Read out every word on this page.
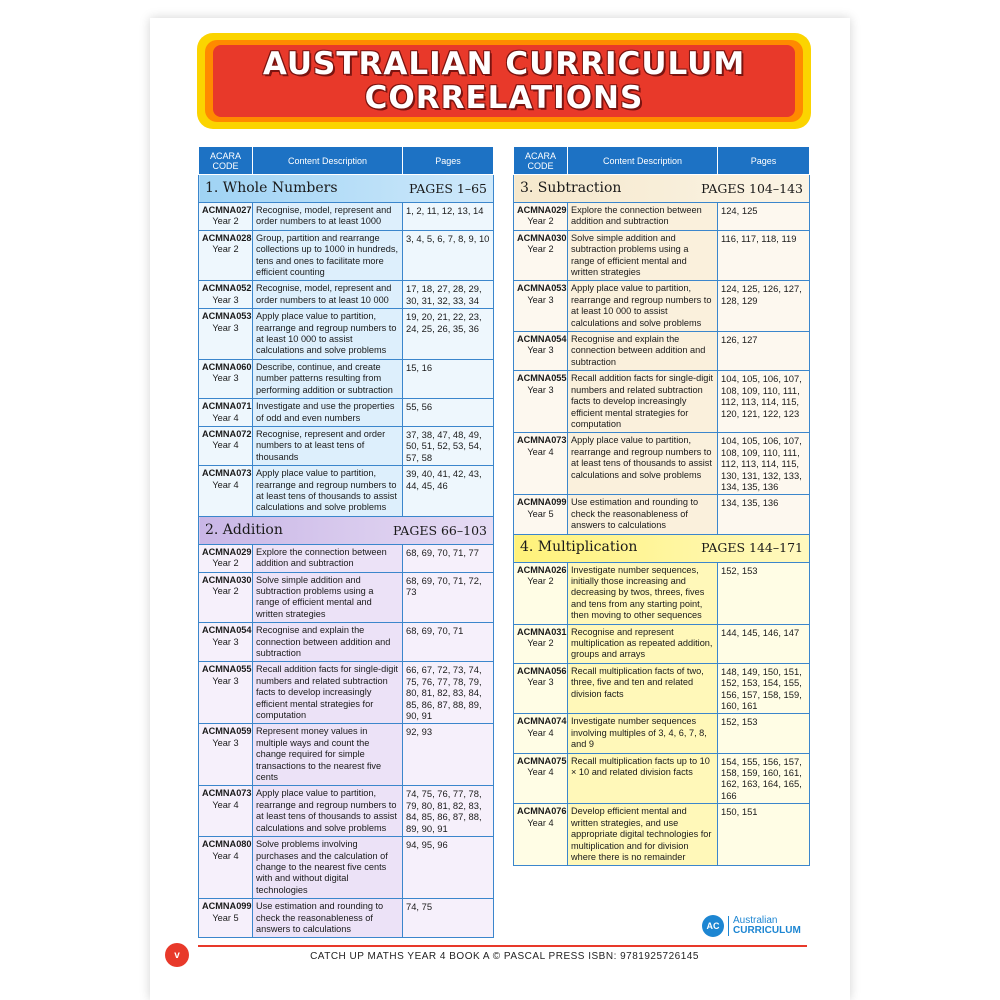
AUSTRALIAN CURRICULUM
CORRELATIONS
ACARA CODE	Content Description	Pages

1. Whole Numbers PAGES 1–65		

ACMNA027
Year 2	Recognise, model, represent and order numbers to at least 1000	1, 2, 11, 12, 13, 14
ACMNA028
Year 2	Group, partition and rearrange collections up to 1000 in hundreds, tens and ones to facilitate more efficient counting	3, 4, 5, 6, 7, 8, 9, 10
ACMNA052
Year 3	Recognise, model, represent and order numbers to at least 10 000	17, 18, 27, 28, 29, 30, 31, 32, 33, 34
ACMNA053
Year 3	Apply place value to partition, rearrange and regroup numbers to at least 10 000 to assist calculations and solve problems	19, 20, 21, 22, 23, 24, 25, 26, 35, 36
ACMNA060
Year 3	Describe, continue, and create number patterns resulting from performing addition or subtraction	15, 16
ACMNA071
Year 4	Investigate and use the properties of odd and even numbers	55, 56
ACMNA072
Year 4	Recognise, represent and order numbers to at least tens of thousands	37, 38, 47, 48, 49, 50, 51, 52, 53, 54, 57, 58
ACMNA073
Year 4	Apply place value to partition, rearrange and regroup numbers to at least tens of thousands to assist calculations and solve problems	39, 40, 41, 42, 43, 44, 45, 46

2. Addition PAGES 66–103		

ACMNA029
Year 2	Explore the connection between addition and subtraction	68, 69, 70, 71, 77
ACMNA030
Year 2	Solve simple addition and subtraction problems using a range of efficient mental and written strategies	68, 69, 70, 71, 72, 73
ACMNA054
Year 3	Recognise and explain the connection between addition and subtraction	68, 69, 70, 71
ACMNA055
Year 3	Recall addition facts for single-digit numbers and related subtraction facts to develop increasingly efficient mental strategies for computation	66, 67, 72, 73, 74, 75, 76, 77, 78, 79, 80, 81, 82, 83, 84, 85, 86, 87, 88, 89, 90, 91
ACMNA059
Year 3	Represent money values in multiple ways and count the change required for simple transactions to the nearest five cents	92, 93
ACMNA073
Year 4	Apply place value to partition, rearrange and regroup numbers to at least tens of thousands to assist calculations and solve problems	74, 75, 76, 77, 78, 79, 80, 81, 82, 83, 84, 85, 86, 87, 88, 89, 90, 91
ACMNA080
Year 4	Solve problems involving purchases and the calculation of change to the nearest five cents with and without digital technologies	94, 95, 96
ACMNA099
Year 5	Use estimation and rounding to check the reasonableness of answers to calculations	74, 75
ACARA CODE	Content Description	Pages

3. Subtraction PAGES 104–143		

ACMNA029
Year 2	Explore the connection between addition and subtraction	124, 125
ACMNA030
Year 2	Solve simple addition and subtraction problems using a range of efficient mental and written strategies	116, 117, 118, 119
ACMNA053
Year 3	Apply place value to partition, rearrange and regroup numbers to at least 10 000 to assist calculations and solve problems	124, 125, 126, 127, 128, 129
ACMNA054
Year 3	Recognise and explain the connection between addition and subtraction	126, 127
ACMNA055
Year 3	Recall addition facts for single-digit numbers and related subtraction facts to develop increasingly efficient mental strategies for computation	104, 105, 106, 107, 108, 109, 110, 111, 112, 113, 114, 115, 120, 121, 122, 123
ACMNA073
Year 4	Apply place value to partition, rearrange and regroup numbers to at least tens of thousands to assist calculations and solve problems	104, 105, 106, 107, 108, 109, 110, 111, 112, 113, 114, 115, 130, 131, 132, 133, 134, 135, 136
ACMNA099
Year 5	Use estimation and rounding to check the reasonableness of answers to calculations	134, 135, 136

4. Multiplication PAGES 144–171		

ACMNA026
Year 2	Investigate number sequences, initially those increasing and decreasing by twos, threes, fives and tens from any starting point, then moving to other sequences	152, 153
ACMNA031
Year 2	Recognise and represent multiplication as repeated addition, groups and arrays	144, 145, 146, 147
ACMNA056
Year 3	Recall multiplication facts of two, three, five and ten and related division facts	148, 149, 150, 151, 152, 153, 154, 155, 156, 157, 158, 159, 160, 161
ACMNA074
Year 4	Investigate number sequences involving multiples of 3, 4, 6, 7, 8, and 9	152, 153
ACMNA075
Year 4	Recall multiplication facts up to 10 × 10 and related division facts	154, 155, 156, 157, 158, 159, 160, 161, 162, 163, 164, 165, 166
ACMNA076
Year 4	Develop efficient mental and written strategies, and use appropriate digital technologies for multiplication and for division where there is no remainder	150, 151
AC	Australian
CURRICULUM
v	CATCH UP MATHS YEAR 4 BOOK A © PASCAL PRESS ISBN: 9781925726145
